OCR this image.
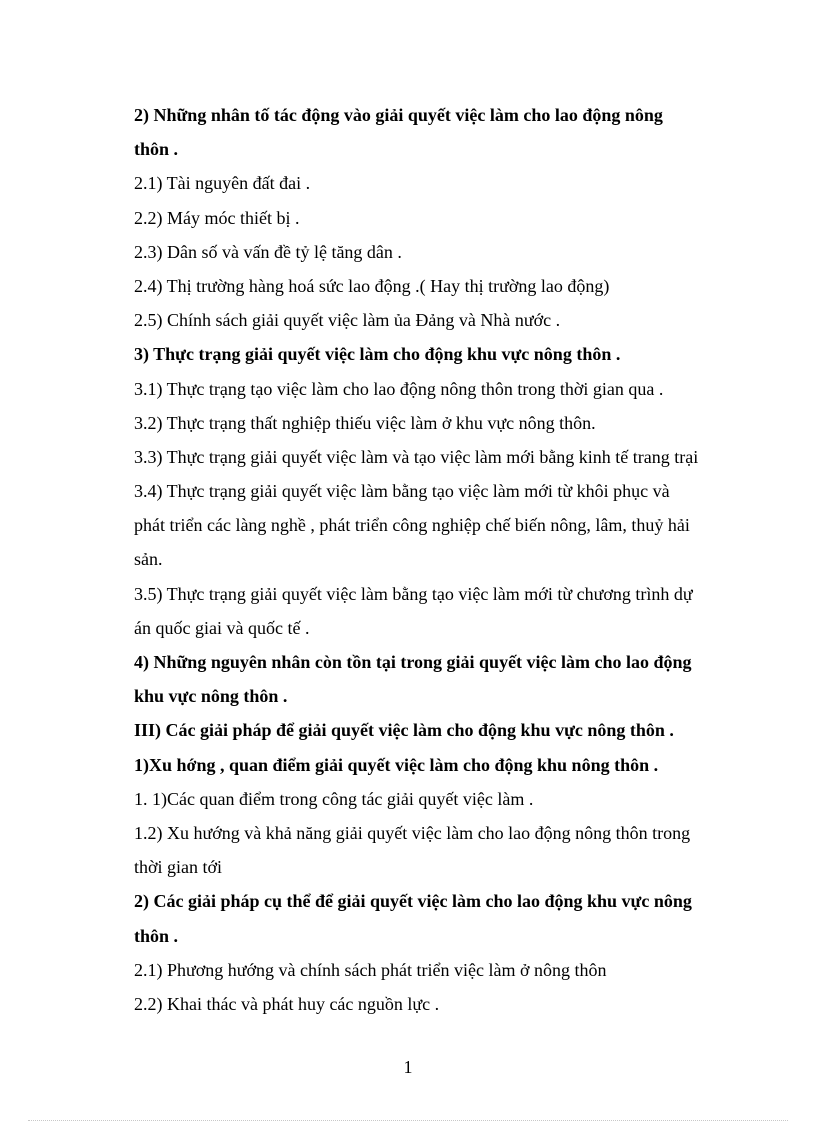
2) Những nhân tố tác động vào giải quyết việc làm cho lao động nông
thôn .
2.1) Tài nguyên đất đai .
2.2) Máy móc thiết bị .
2.3) Dân số và vấn đề tỷ lệ tăng dân .
2.4) Thị trường hàng hoá sức lao động .( Hay thị trường lao động)
2.5) Chính sách giải quyết việc làm ủa Đảng và Nhà nước .
3) Thực trạng giải quyết việc làm cho động khu vực nông thôn .
3.1) Thực trạng tạo việc làm cho lao động nông thôn trong thời gian qua .
3.2) Thực trạng thất nghiệp thiếu việc làm ở khu vực nông thôn.
3.3) Thực trạng giải quyết việc làm và tạo việc làm mới bằng kinh tế trang trại
3.4) Thực trạng giải quyết việc làm bằng tạo việc làm mới từ khôi phục và
phát triển các làng nghề , phát triển công nghiệp chế biến nông, lâm, thuỷ hải
sản.
3.5) Thực trạng giải quyết việc làm bằng tạo việc làm mới từ chương trình dự
án quốc giai và quốc tế .
4) Những nguyên nhân còn tồn tại trong giải quyết việc làm cho lao động
khu vực nông thôn .
III) Các giải pháp để giải quyết việc làm cho động khu vực nông thôn .
1)Xu hớng , quan điểm giải quyết việc làm cho động khu nông thôn .
1. 1)Các quan điểm trong công tác giải quyết việc làm .
1.2) Xu hướng và khả năng giải quyết việc làm cho lao động nông thôn trong
thời gian tới
2) Các giải pháp cụ thể để giải quyết việc làm cho lao động khu vực nông
thôn .
2.1) Phương hướng và chính sách phát triển việc làm ở nông thôn
2.2) Khai thác và phát huy các nguồn lực .
1
